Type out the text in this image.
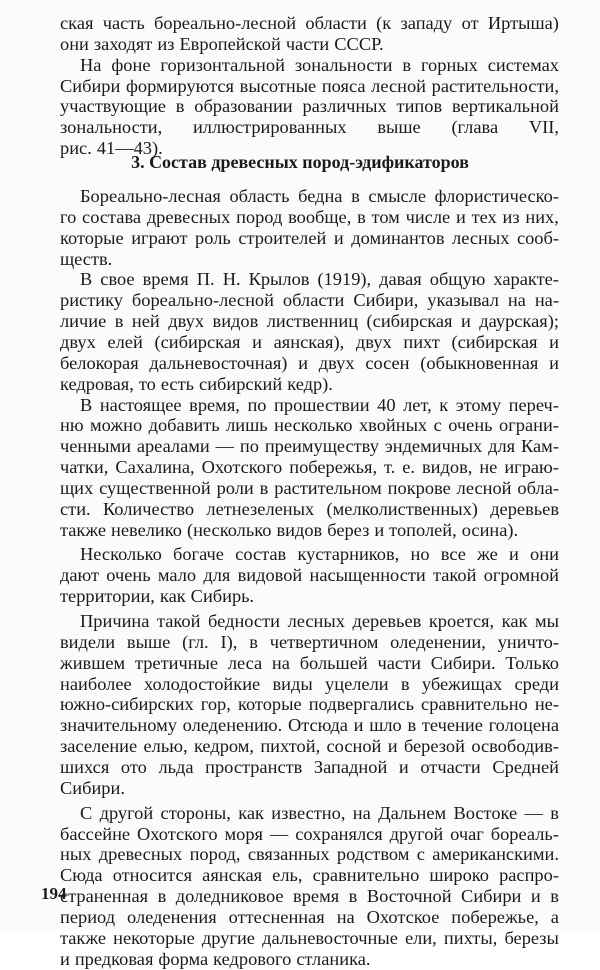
ская часть бореально-лесной области (к западу от Иртыша)
они заходят из Европейской части СССР.
На фоне горизонтальной зональности в горных системах
Сибири формируются высотные пояса лесной растительности,
участвующие в образовании различных типов вертикальной
зональности, иллюстрированных выше (глава VII,
рис. 41—43).
Бореально-лесная область бедна в смысле флористическо-
го состава древесных пород вообще, в том числе и тех из них,
которые играют роль строителей и доминантов лесных сооб-
ществ.
В свое время П. Н. Крылов (1919), давая общую характе-
ристику бореально-лесной области Сибири, указывал на на-
личие в ней двух видов лиственниц (сибирская и даурская);
двух елей (сибирская и аянская), двух пихт (сибирская и
белокорая дальневосточная) и двух сосен (обыкновенная и
кедровая, то есть сибирский кедр).
В настоящее время, по прошествии 40 лет, к этому переч-
ню можно добавить лишь несколько хвойных с очень ограни-
ченными ареалами — по преимуществу эндемичных для Кам-
чатки, Сахалина, Охотского побережья, т. е. видов, не играю-
щих существенной роли в растительном покрове лесной обла-
сти. Количество летнезеленых (мелколиственных) деревьев
также невелико (несколько видов берез и тополей, осина).
Несколько богаче состав кустарников, но все же и они
дают очень мало для видовой насыщенности такой огромной
территории, как Сибирь.
Причина такой бедности лесных деревьев кроется, как мы
видели выше (гл. I), в четвертичном оледенении, уничто-
жившем третичные леса на большей части Сибири. Только
наиболее холодостойкие виды уцелели в убежищах среди
южно-сибирских гор, которые подвергались сравнительно не-
значительному оледенению. Отсюда и шло в течение голоцена
заселение елью, кедром, пихтой, сосной и березой освободив-
шихся ото льда пространств Западной и отчасти Средней
Сибири.
С другой стороны, как известно, на Дальнем Востоке — в
бассейне Охотского моря — сохранялся другой очаг бореаль-
ных древесных пород, связанных родством с американскими.
Сюда относится аянская ель, сравнительно широко распро-
страненная в доледниковое время в Восточной Сибири и в
период оледенения оттесненная на Охотское побережье, а
также некоторые другие дальневосточные ели, пихты, березы
и предковая форма кедрового стланика.
3. Состав древесных пород-эдификаторов
194
